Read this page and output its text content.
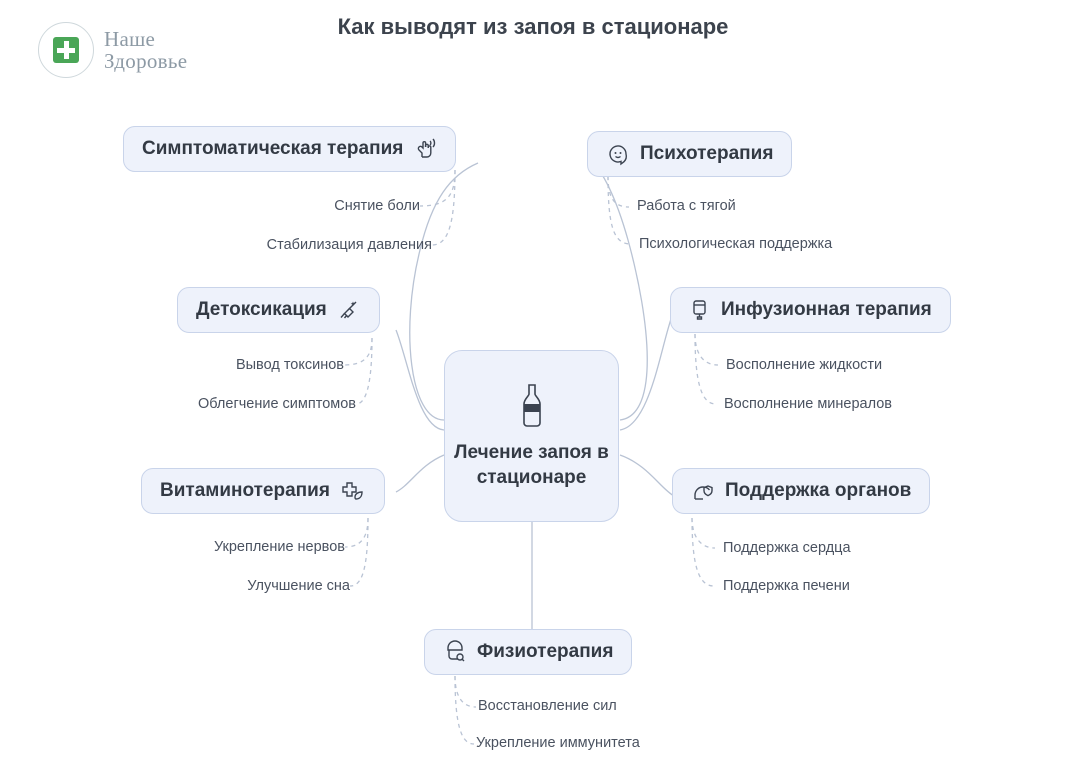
Наше
Здоровье
Как выводят из запоя в стационаре
Лечение запоя в стационаре
Симптоматическая терапия
Снятие боли
Стабилизация давления
Психотерапия
Работа с тягой
Психологическая поддержка
Детоксикация
Вывод токсинов
Облегчение симптомов
Инфузионная терапия
Восполнение жидкости
Восполнение минералов
Витаминотерапия
Укрепление нервов
Улучшение сна
Поддержка органов
Поддержка сердца
Поддержка печени
Физиотерапия
Восстановление сил
Укрепление иммунитета
